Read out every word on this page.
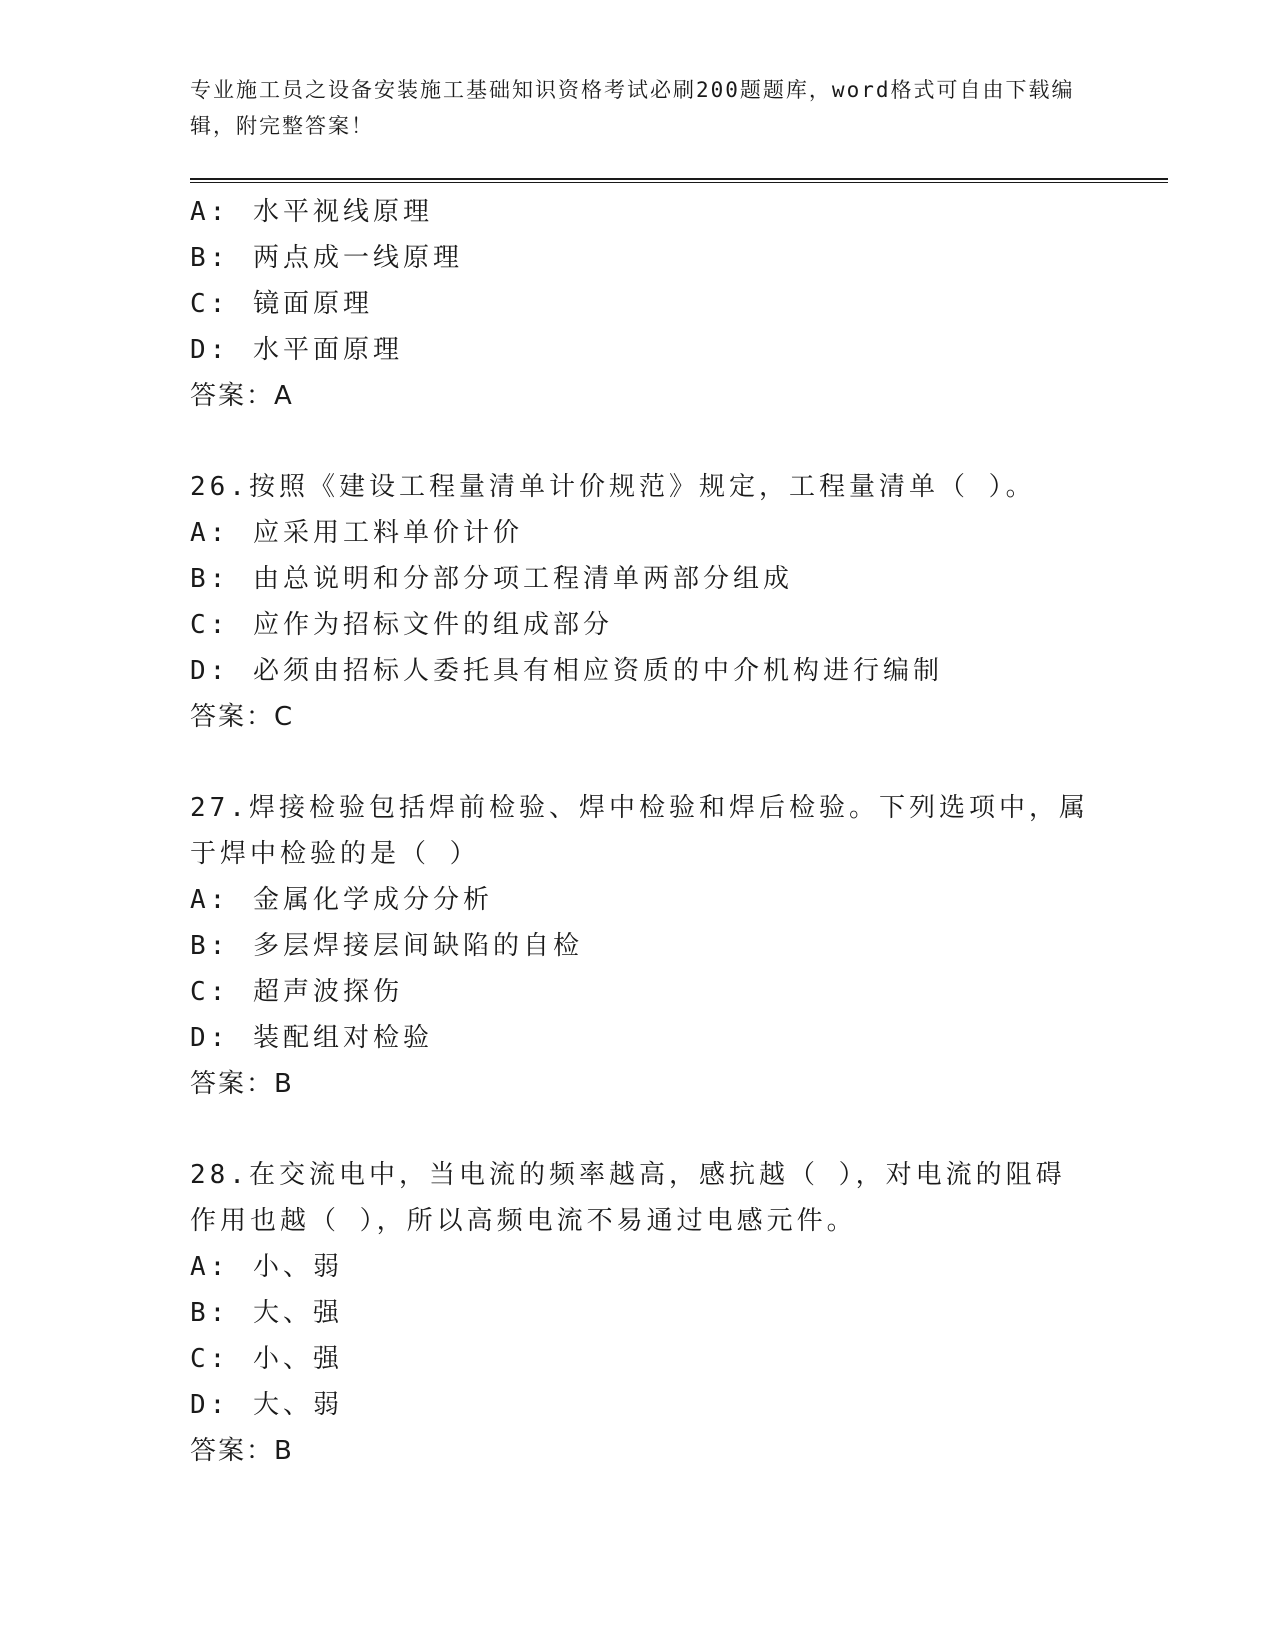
专业施工员之设备安装施工基础知识资格考试必刷200题题库，word格式可自由下载编辑，附完整答案！
A: 水平视线原理
B: 两点成一线原理
C: 镜面原理
D: 水平面原理
答案：A
26.按照《建设工程量清单计价规范》规定，工程量清单（ ）。
A: 应采用工料单价计价
B: 由总说明和分部分项工程清单两部分组成
C: 应作为招标文件的组成部分
D: 必须由招标人委托具有相应资质的中介机构进行编制
答案：C
27.焊接检验包括焊前检验、焊中检验和焊后检验。下列选项中，属于焊中检验的是（ ）
A: 金属化学成分分析
B: 多层焊接层间缺陷的自检
C: 超声波探伤
D: 装配组对检验
答案：B
28.在交流电中，当电流的频率越高，感抗越（ ），对电流的阻碍作用也越（ ），所以高频电流不易通过电感元件。
A: 小、弱
B: 大、强
C: 小、强
D: 大、弱
答案：B
